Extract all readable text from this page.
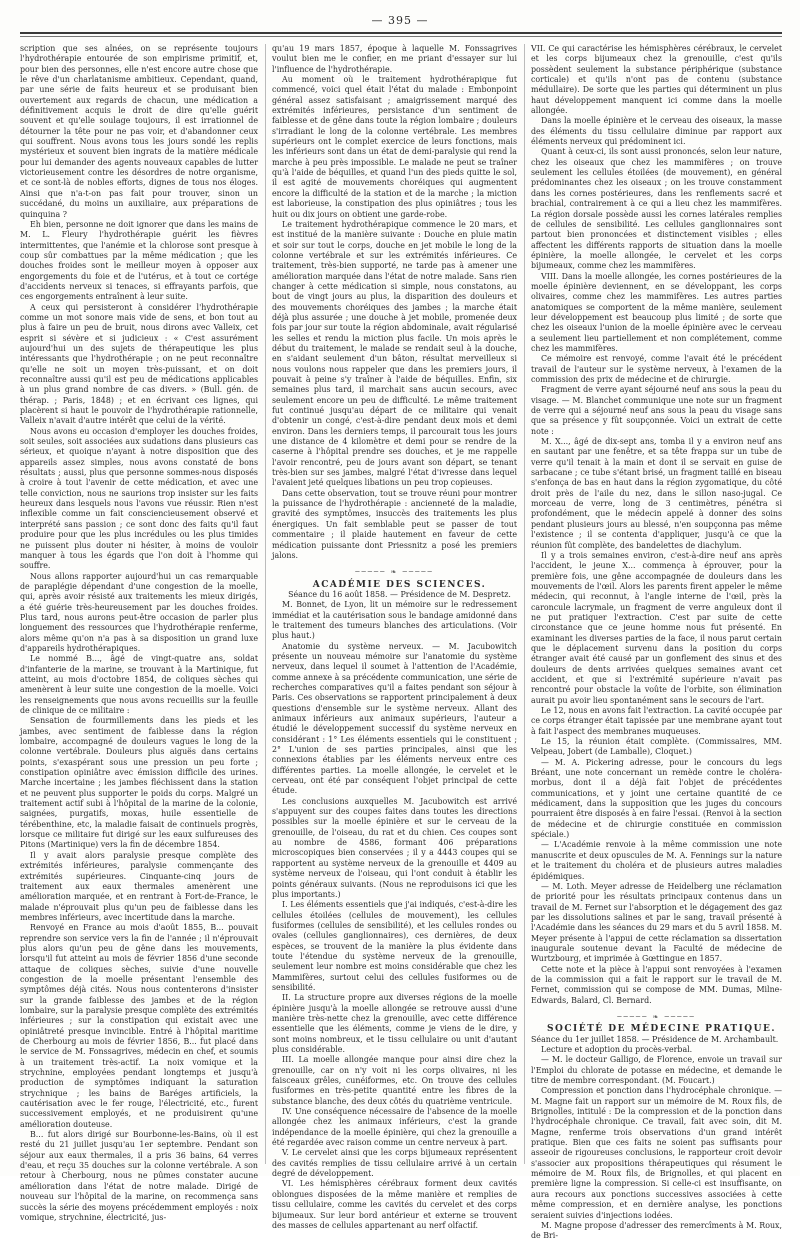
— 395 —

scription que ses aînées, on se représente toujours l'hydrothérapie entourée de son empirisme primitif, et, pour bien des personnes, elle n'est encore autre chose que le rêve d'un charlatanisme ambitieux. Cependant, quand, par une série de faits heureux et se produisant bien ouvertement aux regards de chacun, une médication a définitivement acquis le droit de dire qu'elle guérit souvent et qu'elle soulage toujours, il est irrationnel de détourner la tête pour ne pas voir, et d'abandonner ceux qui souffrent. Nous avons tous les jours sondé les replis mystérieux et souvent bien ingrats de la matière médicale pour lui demander des agents nouveaux capables de lutter victorieusement contre les désordres de notre organisme, et ce sont-là de nobles efforts, dignes de tous nos éloges. Ainsi que n'a-t-on pas fait pour trouver, sinon un succédané, du moins un auxiliaire, aux préparations de quinquina ?

Eh bien, personne ne doit ignorer que dans les mains de M. L. Fleury l'hydrothérapie guérit les fièvres intermittentes, que l'anémie et la chlorose sont presque à coup sûr combattues par la même médication ; que les douches froides sont le meilleur moyen à opposer aux engorgements du foie et de l'utérus, et à tout ce cortége d'accidents nerveux si tenaces, si effrayants parfois, que ces engorgements entraînent à leur suite.

A ceux qui persisteront à considérer l'hydrothérapie comme un mot sonore mais vide de sens, et bon tout au plus à faire un peu de bruit, nous dirons avec Valleix, cet esprit si sévère et si judicieux : « C'est assurément aujourd'hui un des sujets de thérapeutique les plus intéressants que l'hydrothérapie ; on ne peut reconnaître qu'elle ne soit un moyen très-puissant, et on doit reconnaître aussi qu'il est peu de médications applicables à un plus grand nombre de cas divers. » (Bull. gén. de thérap. ; Paris, 1848) ; et en écrivant ces lignes, qui placèrent si haut le pouvoir de l'hydrothérapie rationnelle, Valleix n'avait d'autre intérêt que celui de la vérité.

Nous avons eu occasion d'employer les douches froides, soit seules, soit associées aux sudations dans plusieurs cas sérieux, et quoique n'ayant à notre disposition que des appareils assez simples, nous avons constaté de bons résultats ; aussi, plus que personne sommes-nous disposés à croire à tout l'avenir de cette médication, et avec une telle conviction, nous ne saurions trop insister sur les faits heureux dans lesquels nous l'avons vue réussir. Rien n'est inflexible comme un fait consciencieusement observé et interprété sans passion ; ce sont donc des faits qu'il faut produire pour que les plus incrédules ou les plus timides ne puissent plus douter ni hésiter, à moins de vouloir manquer à tous les égards que l'on doit à l'homme qui souffre.

Nous allons rapporter aujourd'hui un cas remarquable de paraplégie dépendant d'une congestion de la moelle, qui, après avoir résisté aux traitements les mieux dirigés, a été guérie très-heureusement par les douches froides. Plus tard, nous aurons peut-être occasion de parler plus longuement des ressources que l'hydrothérapie renferme, alors même qu'on n'a pas à sa disposition un grand luxe d'appareils hydrothérapiques.

Le nommé B..., âgé de vingt-quatre ans, soldat d'infanterie de la marine, se trouvant à la Martinique, fut atteint, au mois d'octobre 1854, de coliques sèches qui amenèrent à leur suite une congestion de la moelle. Voici les renseignements que nous avons recueillis sur la feuille de clinique de ce militaire :

Sensation de fourmillements dans les pieds et les jambes, avec sentiment de faiblesse dans la région lombaire, accompagné de douleurs vagues le long de la colonne vertébrale. Douleurs plus aiguës dans certains points, s'exaspérant sous une pression un peu forte ; constipation opiniâtre avec émission difficile des urines. Marche incertaine ; les jambes fléchissent dans la station et ne peuvent plus supporter le poids du corps. Malgré un traitement actif subi à l'hôpital de la marine de la colonie, saignées, purgatifs, moxas, huile essentielle de térébenthine, etc, la maladie faisait de continuels progrès, lorsque ce militaire fut dirigé sur les eaux sulfureuses des Pitons (Martinique) vers la fin de décembre 1854.

Il y avait alors paralysie presque complète des extrémités inférieures, paralysie commençante des extrémités supérieures. Cinquante-cinq jours de traitement aux eaux thermales amenèrent une amélioration marquée, et en rentrant à Fort-de-France, le malade n'éprouvait plus qu'un peu de faiblesse dans les membres inférieurs, avec incertitude dans la marche.

Renvoyé en France au mois d'août 1855, B... pouvait reprendre son service vers la fin de l'année ; il n'éprouvait plus alors qu'un peu de gêne dans les mouvements, lorsqu'il fut atteint au mois de février 1856 d'une seconde attaque de coliques sèches, suivie d'une nouvelle congestion de la moelle présentant l'ensemble des symptômes déjà cités. Nous nous contenterons d'insister sur la grande faiblesse des jambes et de la région lombaire, sur la paralysie presque complète des extrémités inférieures ; sur la constipation qui existait avec une opiniâtreté presque invincible. Entré à l'hôpital maritime de Cherbourg au mois de février 1856, B... fut placé dans le service de M. Fonssagrives, médecin en chef, et soumis à un traitement très-actif. La noix vomique et la strychnine, employées pendant longtemps et jusqu'à production de symptômes indiquant la saturation strychnique ; les bains de Baréges artificiels, la cautérisation avec le fer rouge, l'électricité, etc., furent successivement employés, et ne produisirent qu'une amélioration douteuse.

B... fut alors dirigé sur Bourbonne-les-Bains, où il est resté du 21 juillet jusqu'au 1er septembre. Pendant son séjour aux eaux thermales, il a pris 36 bains, 64 verres d'eau, et reçu 35 douches sur la colonne vertébrale. A son retour à Cherbourg, nous ne pûmes constater aucune amélioration dans l'état de notre malade. Dirigé de nouveau sur l'hôpital de la marine, on recommença sans succès la série des moyens précédemment employés : noix vomique, strychnine, électricité, jus-

qu'au 19 mars 1857, époque à laquelle M. Fonssagrives voulut bien me le confier, en me priant d'essayer sur lui l'influence de l'hydrothérapie.

Au moment où le traitement hydrothérapique fut commencé, voici quel était l'état du malade : Embonpoint général assez satisfaisant ; amaigrissement marqué des extrémités inférieures, persistance d'un sentiment de faiblesse et de gêne dans toute la région lombaire ; douleurs s'irradiant le long de la colonne vertébrale. Les membres supérieurs ont le complet exercice de leurs fonctions, mais les inférieurs sont dans un état de demi-paralysie qui rend la marche à peu près impossible. Le malade ne peut se traîner qu'à l'aide de béquilles, et quand l'un des pieds quitte le sol, il est agité de mouvements choréiques qui augmentent encore la difficulté de la station et de la marche ; la miction est laborieuse, la constipation des plus opiniâtres ; tous les huit ou dix jours on obtient une garde-robe.

Le traitement hydrothérapique commence le 20 mars, et est institué de la manière suivante : Douche en pluie matin et soir sur tout le corps, douche en jet mobile le long de la colonne vertébrale et sur les extrémités inférieures. Ce traitement, très-bien supporté, ne tarde pas à amener une amélioration marquée dans l'état de notre malade. Sans rien changer à cette médication si simple, nous constatons, au bout de vingt jours au plus, la disparition des douleurs et des mouvements choréiques des jambes ; la marche était déjà plus assurée ; une douche à jet mobile, promenée deux fois par jour sur toute la région abdominale, avait régularisé les selles et rendu la miction plus facile. Un mois après le début du traitement, le malade se rendait seul à la douche, en s'aidant seulement d'un bâton, résultat merveilleux si nous voulons nous rappeler que dans les premiers jours, il pouvait à peine s'y traîner à l'aide de béquilles. Enfin, six semaines plus tard, il marchait sans aucun secours, avec seulement encore un peu de difficulté. Le même traitement fut continué jusqu'au départ de ce militaire qui venait d'obtenir un congé, c'est-à-dire pendant deux mois et demi environ. Dans les derniers temps, il parcourait tous les jours une distance de 4 kilomètre et demi pour se rendre de la caserne à l'hôpital prendre ses douches, et je me rappelle l'avoir rencontré, peu de jours avant son départ, se tenant très-bien sur ses jambes, malgré l'état d'ivresse dans lequel l'avaient jeté quelques libations un peu trop copieuses.

Dans cette observation, tout se trouve réuni pour montrer la puissance de l'hydrothérapie : ancienneté de la maladie, gravité des symptômes, insuccès des traitements les plus énergiques. Un fait semblable peut se passer de tout commentaire ; il plaide hautement en faveur de cette médication puissante dont Priessnitz a posé les premiers jalons.

───── ❧ ─────

ACADÉMIE DES SCIENCES.

Séance du 16 août 1858. — Présidence de M. Despretz.

M. Bonnet, de Lyon, lit un mémoire sur le redressement immédiat et la cautérisation sous le bandage amidonné dans le traitement des tumeurs blanches des articulations. (Voir plus haut.)

Anatomie du système nerveux. — M. Jacubowitch présente un nouveau mémoire sur l'anatomie du système nerveux, dans lequel il soumet à l'attention de l'Académie, comme annexe à sa précédente communication, une série de recherches comparatives qu'il a faites pendant son séjour à Paris. Ces observations se rapportent principalement à deux questions d'ensemble sur le système nerveux. Allant des animaux inférieurs aux animaux supérieurs, l'auteur a étudié le développement successif du système nerveux en considérant : 1° Les éléments essentiels qui le constituent ; 2° L'union de ses parties principales, ainsi que les connexions établies par les éléments nerveux entre ces différentes parties. La moelle allongée, le cervelet et le cerveau, ont été par conséquent l'objet principal de cette étude.

Les conclusions auxquelles M. Jacubowitch est arrivé s'appuyent sur des coupes faites dans toutes les directions possibles sur la moelle épinière et sur le cerveau de la grenouille, de l'oiseau, du rat et du chien. Ces coupes sont au nombre de 4586, formant 406 préparations microscopiques bien conservées ; il y a 4443 coupes qui se rapportent au système nerveux de la grenouille et 4409 au système nerveux de l'oiseau, qui l'ont conduit à établir les points généraux suivants. (Nous ne reproduisons ici que les plus importants.)

I. Les éléments essentiels que j'ai indiqués, c'est-à-dire les cellules étoilées (cellules de mouvement), les cellules fusiformes (cellules de sensibilité), et les cellules rondes ou ovales (cellules ganglionnaires), ces dernières, de deux espèces, se trouvent de la manière la plus évidente dans toute l'étendue du système nerveux de la grenouille, seulement leur nombre est moins considérable que chez les Mammifères, surtout celui des cellules fusiformes ou de sensibilité.

II. La structure propre aux diverses régions de la moelle épinière jusqu'à la moelle allongée se retrouve aussi d'une manière très-nette chez la grenouille, avec cette différence essentielle que les éléments, comme je viens de le dire, y sont moins nombreux, et le tissu cellulaire ou unit d'autant plus considérable.

III. La moelle allongée manque pour ainsi dire chez la grenouille, car on n'y voit ni les corps olivaires, ni les faisceaux grêles, cunéiformes, etc. On trouve des cellules fusiformes en très-petite quantité entre les fibres de la substance blanche, des deux côtés du quatrième ventricule.

IV. Une conséquence nécessaire de l'absence de la moelle allongée chez les animaux inférieurs, c'est la grande indépendance de la moelle épinière, qui chez la grenouille a été regardée avec raison comme un centre nerveux à part.

V. Le cervelet ainsi que les corps bijumeaux représentent des cavités remplies de tissu cellulaire arrivé à un certain degré de développement.

VI. Les hémisphères cérébraux forment deux cavités oblongues disposées de la même manière et remplies de tissu cellulaire, comme les cavités du cervelet et des corps bijumeaux. Sur leur bord antérieur et externe se trouvent des masses de cellules appartenant au nerf olfactif.

VII. Ce qui caractérise les hémisphères cérébraux, le cervelet et les corps bijumeaux chez la grenouille, c'est qu'ils possèdent seulement la substance périphérique (substance corticale) et qu'ils n'ont pas de contenu (substance médullaire). De sorte que les parties qui déterminent un plus haut développement manquent ici comme dans la moelle allongée.

Dans la moelle épinière et le cerveau des oiseaux, la masse des éléments du tissu cellulaire diminue par rapport aux éléments nerveux qui prédominent ici.

Quant à ceux-ci, ils sont aussi prononcés, selon leur nature, chez les oiseaux que chez les mammifères ; on trouve seulement les cellules étoilées (de mouvement), en général prédominantes chez les oiseaux ; on les trouve constamment dans les cornes postérieures, dans les renflements sacré et brachial, contrairement à ce qui a lieu chez les mammifères. La région dorsale possède aussi les cornes latérales remplies de cellules de sensibilité. Les cellules ganglionnaires sont partout bien prononcées et distinctement visibles ; elles affectent les différents rapports de situation dans la moelle épinière, la moelle allongée, le cervelet et les corps bijumeaux, comme chez les mammifères.

VIII. Dans la moelle allongée, les cornes postérieures de la moelle épinière deviennent, en se développant, les corps olivaires, comme chez les mammifères. Les autres parties anatomiques se comportent de la même manière, seulement leur développement est beaucoup plus limité ; de sorte que chez les oiseaux l'union de la moelle épinière avec le cerveau a seulement lieu partiellement et non complétement, comme chez les mammifères.

Ce mémoire est renvoyé, comme l'avait été le précédent travail de l'auteur sur le système nerveux, à l'examen de la commission des prix de médecine et de chirurgie.

Fragment de verre ayant séjourné neuf ans sous la peau du visage. — M. Blanchet communique une note sur un fragment de verre qui a séjourné neuf ans sous la peau du visage sans que sa présence y fût soupçonnée. Voici un extrait de cette note :

M. X..., âgé de dix-sept ans, tomba il y a environ neuf ans en sautant par une fenêtre, et sa tête frappa sur un tube de verre qu'il tenait à la main et dont il se servait en guise de sarbacane ; ce tube s'étant brisé, un fragment taillé en biseau s'enfonça de bas en haut dans la région zygomatique, du côté droit près de l'aile du nez, dans le sillon naso-jugal. Ce morceau de verre, long de 3 centimètres, pénétra si profondément, que le médecin appelé à donner des soins pendant plusieurs jours au blessé, n'en soupçonna pas même l'existence ; il se contenta d'appliquer, jusqu'à ce que la réunion fût complète, des bandelettes de diachylum.

Il y a trois semaines environ, c'est-à-dire neuf ans après l'accident, le jeune X... commença à éprouver, pour la première fois, une gêne accompagnée de douleurs dans les mouvements de l'œil. Alors les parents firent appeler le même médecin, qui reconnut, à l'angle interne de l'œil, près la caroncule lacrymale, un fragment de verre anguleux dont il ne put pratiquer l'extraction. C'est par suite de cette circonstance que ce jeune homme nous fut présenté. En examinant les diverses parties de la face, il nous parut certain que le déplacement survenu dans la position du corps étranger avait été causé par un gonflement des sinus et des douleurs de dents arrivées quelques semaines avant cet accident, et que si l'extrémité supérieure n'avait pas rencontré pour obstacle la voûte de l'orbite, son élimination aurait pu avoir lieu spontanément sans le secours de l'art.

Le 12, nous en avons fait l'extraction. La cavité occupée par ce corps étranger était tapissée par une membrane ayant tout à fait l'aspect des membranes muqueuses.

Le 15, la réunion était complète. (Commissaires, MM. Velpeau, Jobert (de Lamballe), Cloquet.)

— M. A. Pickering adresse, pour le concours du legs Bréant, une note concernant un remède contre le choléra-morbus, dont il a déjà fait l'objet de précédentes communications, et y joint une certaine quantité de ce médicament, dans la supposition que les juges du concours pourraient être disposés à en faire l'essai. (Renvoi à la section de médecine et de chirurgie constituée en commission spéciale.)

— L'Académie renvoie à la même commission une note manuscrite et deux opuscules de M. A. Fennings sur la nature et le traitement du choléra et de plusieurs autres maladies épidémiques.

— M. Loth. Meyer adresse de Heidelberg une réclamation de priorité pour les résultats principaux contenus dans un travail de M. Fernet sur l'absorption et le dégagement des gaz par les dissolutions salines et par le sang, travail présenté à l'Académie dans les séances du 29 mars et du 5 avril 1858. M. Meyer présente à l'appui de cette réclamation sa dissertation inaugurale soutenue devant la Faculté de médecine de Wurtzbourg, et imprimée à Gœttingue en 1857.

Cette note et la pièce à l'appui sont renvoyées à l'examen de la commission qui a fait le rapport sur le travail de M. Fernet, commission qui se compose de MM. Dumas, Milne-Edwards, Balard, Cl. Bernard.

───── ❧ ─────

SOCIÉTÉ DE MÉDECINE PRATIQUE.

Séance du 1er juillet 1858. — Présidence de M. Archambault.

Lecture et adoption du procès-verbal.

— M. le docteur Galligo, de Florence, envoie un travail sur l'Emploi du chlorate de potasse en médecine, et demande le titre de membre correspondant. (M. Foucart.)

Compression et ponction dans l'hydrocéphale chronique. — M. Magne fait un rapport sur un mémoire de M. Roux fils, de Brignolles, intitulé : De la compression et de la ponction dans l'hydrocéphale chronique. Ce travail, fait avec soin, dit M. Magne, renferme trois observations d'un grand intérêt pratique. Bien que ces faits ne soient pas suffisants pour asseoir de rigoureuses conclusions, le rapporteur croit devoir s'associer aux propositions thérapeutiques qui résument le mémoire de M. Roux fils, de Brignolles, et qui placent en première ligne la compression. Si celle-ci est insuffisante, on aura recours aux ponctions successives associées à cette même compression, et en dernière analyse, les ponctions seraient suivies d'injections iodées.

M. Magne propose d'adresser des remercîments à M. Roux, de Bri-
